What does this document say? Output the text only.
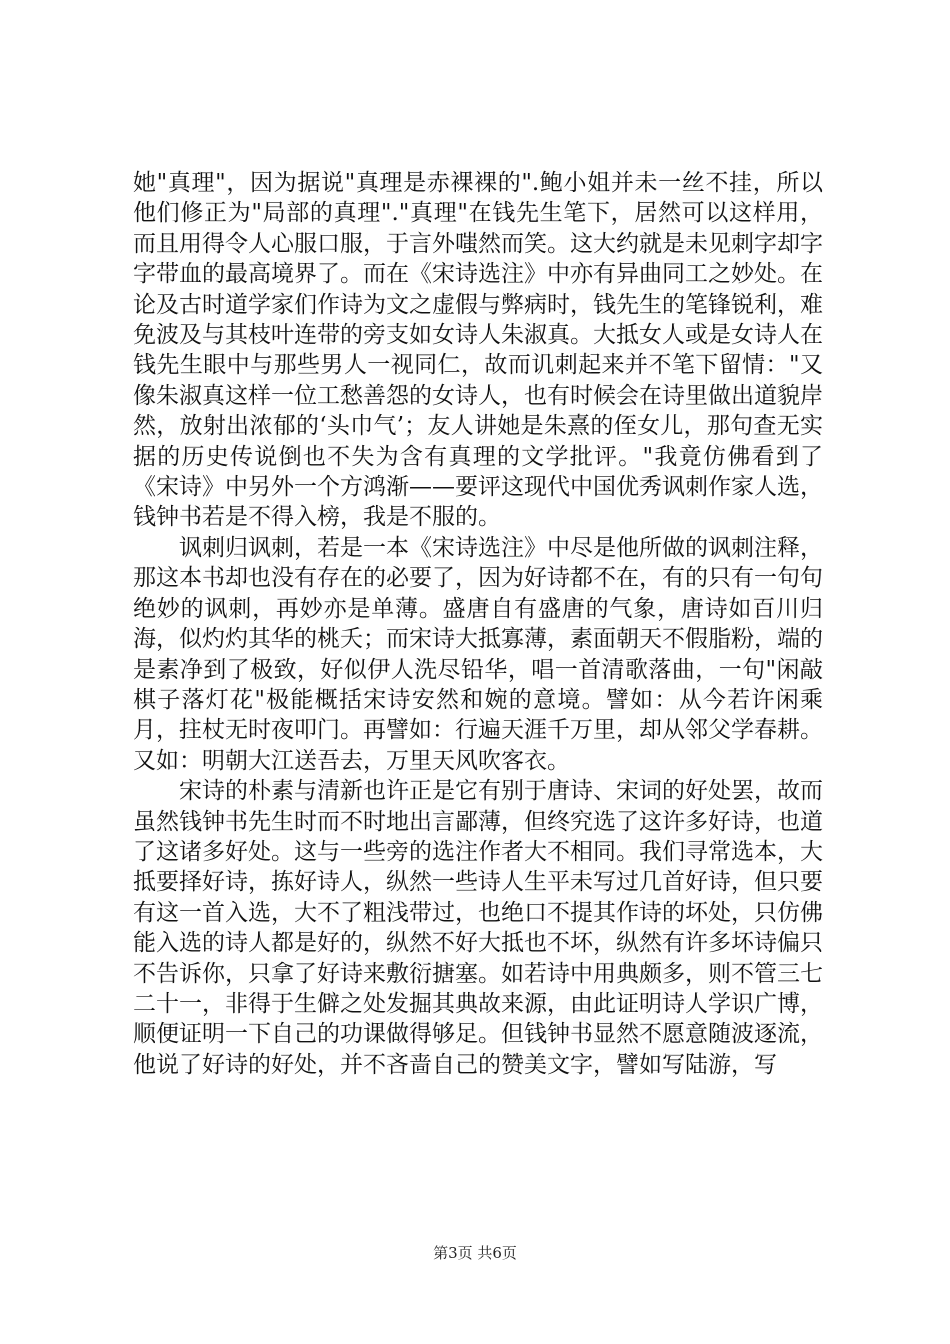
她"真理"，因为据说"真理是赤裸裸的".鲍小姐并未一丝不挂，所以他们修正为"局部的真理"."真理"在钱先生笔下，居然可以这样用，而且用得令人心服口服，于言外嗤然而笑。这大约就是未见刺字却字字带血的最高境界了。而在《宋诗选注》中亦有异曲同工之妙处。在论及古时道学家们作诗为文之虚假与弊病时，钱先生的笔锋锐利，难免波及与其枝叶连带的旁支如女诗人朱淑真。大抵女人或是女诗人在钱先生眼中与那些男人一视同仁，故而讥刺起来并不笔下留情："又像朱淑真这样一位工愁善怨的女诗人，也有时候会在诗里做出道貌岸然，放射出浓郁的‘头巾气’；友人讲她是朱熹的侄女儿，那句查无实据的历史传说倒也不失为含有真理的文学批评。"我竟仿佛看到了《宋诗》中另外一个方鸿渐——要评这现代中国优秀讽刺作家人选，钱钟书若是不得入榜，我是不服的。

讽刺归讽刺，若是一本《宋诗选注》中尽是他所做的讽刺注释，那这本书却也没有存在的必要了，因为好诗都不在，有的只有一句句绝妙的讽刺，再妙亦是单薄。盛唐自有盛唐的气象，唐诗如百川归海，似灼灼其华的桃夭；而宋诗大抵寡薄，素面朝天不假脂粉，端的是素净到了极致，好似伊人洗尽铅华，唱一首清歌落曲，一句"闲敲棋子落灯花"极能概括宋诗安然和婉的意境。譬如：从今若许闲乘月，拄杖无时夜叩门。再譬如：行遍天涯千万里，却从邻父学春耕。又如：明朝大江送吾去，万里天风吹客衣。

宋诗的朴素与清新也许正是它有别于唐诗、宋词的好处罢，故而虽然钱钟书先生时而不时地出言鄙薄，但终究选了这许多好诗，也道了这诸多好处。这与一些旁的选注作者大不相同。我们寻常选本，大抵要择好诗，拣好诗人，纵然一些诗人生平未写过几首好诗，但只要有这一首入选，大不了粗浅带过，也绝口不提其作诗的坏处，只仿佛能入选的诗人都是好的，纵然不好大抵也不坏，纵然有许多坏诗偏只不告诉你，只拿了好诗来敷衍搪塞。如若诗中用典颇多，则不管三七二十一，非得于生僻之处发掘其典故来源，由此证明诗人学识广博，顺便证明一下自己的功课做得够足。但钱钟书显然不愿意随波逐流，他说了好诗的好处，并不吝啬自己的赞美文字，譬如写陆游，写

第3页 共6页
